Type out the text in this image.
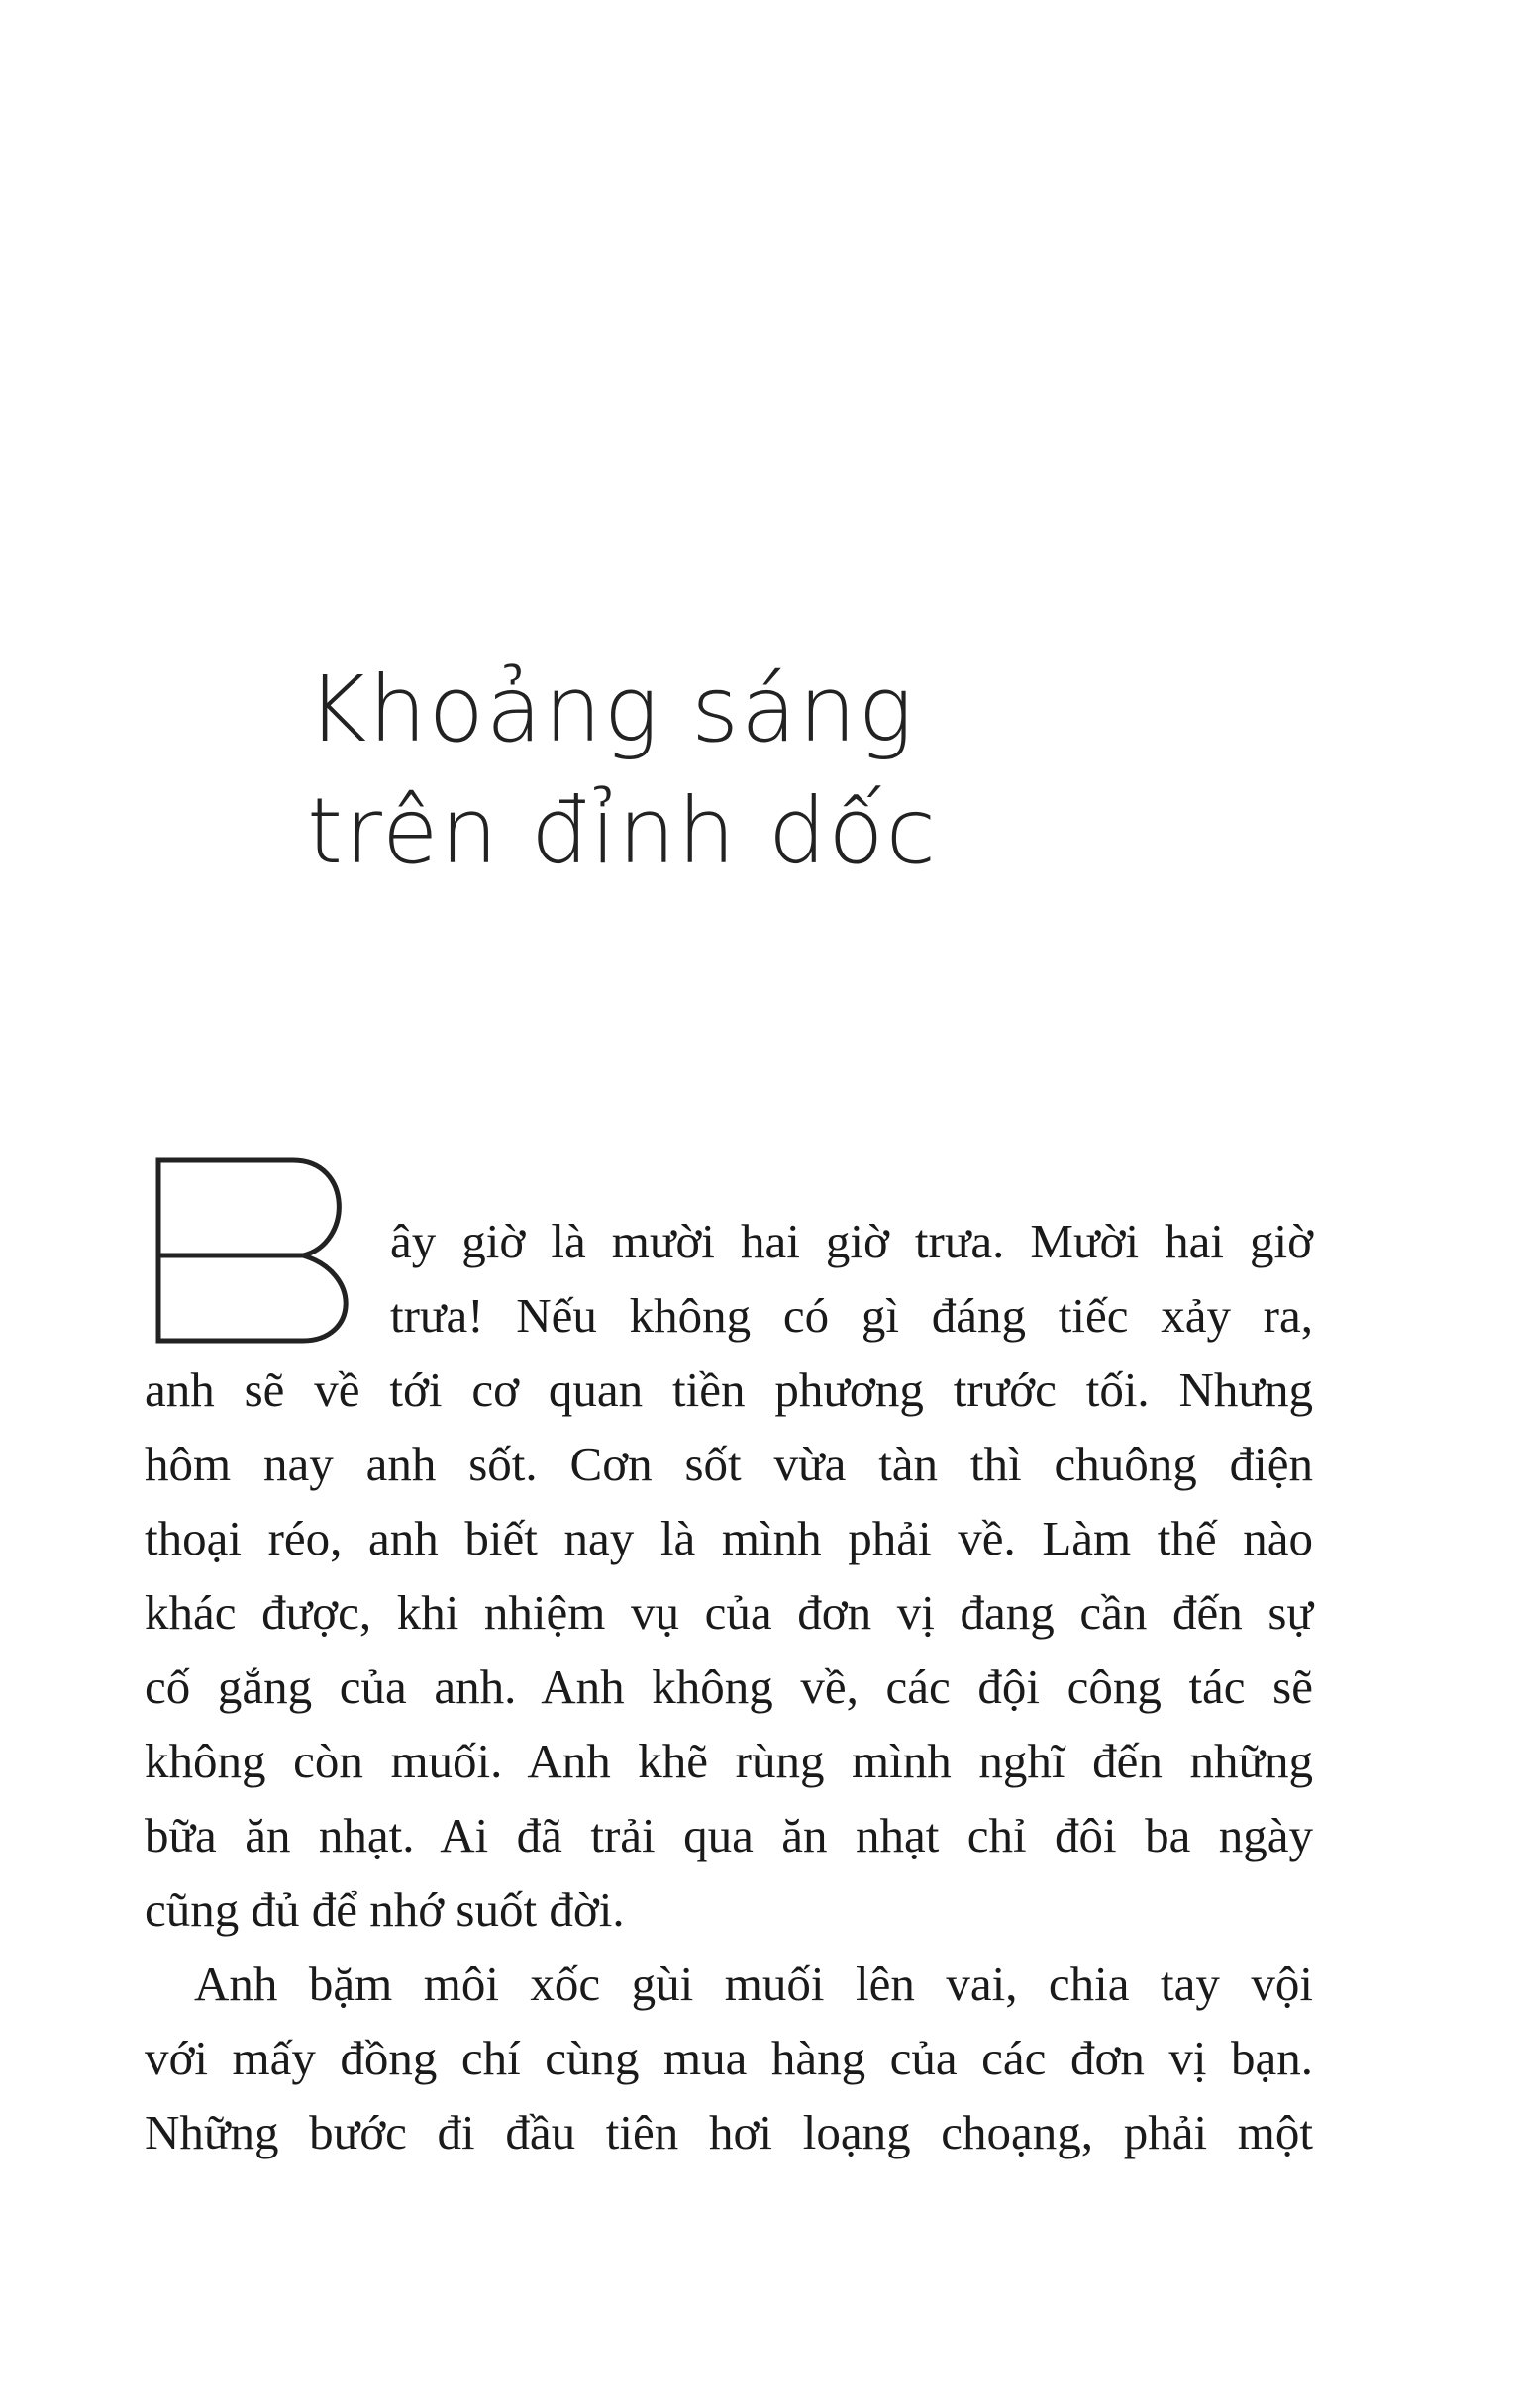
Khoảng sáng
trên đỉnh dốc
ây giờ là mười hai giờ trưa. Mười hai giờ
trưa! Nếu không có gì đáng tiếc xảy ra,
anh sẽ về tới cơ quan tiền phương trước tối. Nhưng
hôm nay anh sốt. Cơn sốt vừa tàn thì chuông điện
thoại réo, anh biết nay là mình phải về. Làm thế nào
khác được, khi nhiệm vụ của đơn vị đang cần đến sự
cố gắng của anh. Anh không về, các đội công tác sẽ
không còn muối. Anh khẽ rùng mình nghĩ đến những
bữa ăn nhạt. Ai đã trải qua ăn nhạt chỉ đôi ba ngày
cũng đủ để nhớ suốt đời.
Anh bặm môi xốc gùi muối lên vai, chia tay vội
với mấy đồng chí cùng mua hàng của các đơn vị bạn.
Những bước đi đầu tiên hơi loạng choạng, phải một
